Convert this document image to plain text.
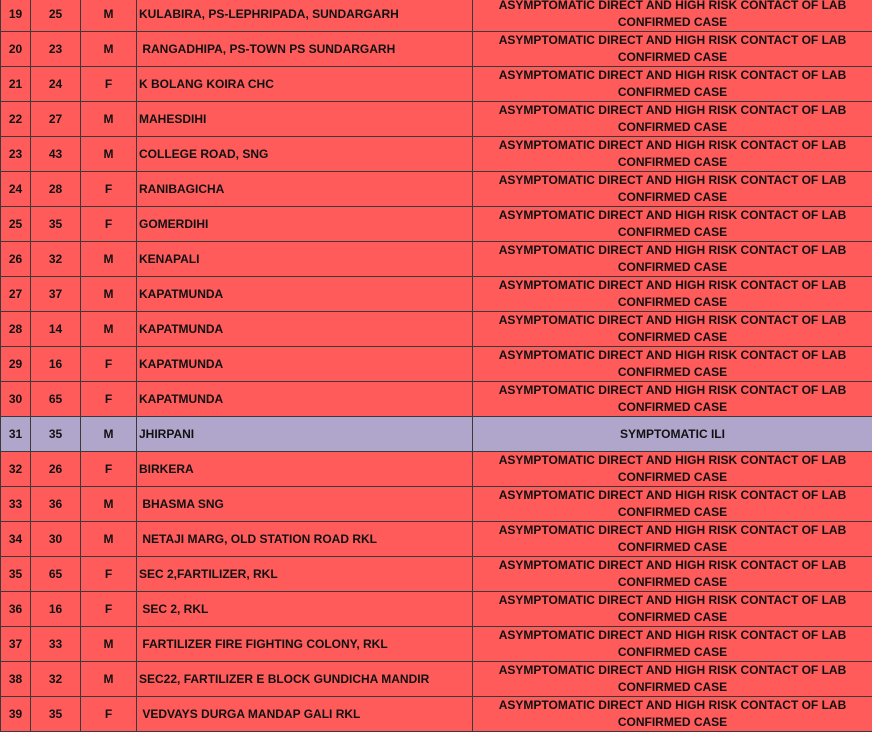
19	25	M	KULABIRA, PS-LEPHRIPADA, SUNDARGARH	ASYMPTOMATIC DIRECT AND HIGH RISK CONTACT OF LAB CONFIRMED CASE
20	23	M	RANGADHIPA, PS-TOWN PS SUNDARGARH	ASYMPTOMATIC DIRECT AND HIGH RISK CONTACT OF LAB CONFIRMED CASE
21	24	F	K BOLANG KOIRA CHC	ASYMPTOMATIC DIRECT AND HIGH RISK CONTACT OF LAB CONFIRMED CASE
22	27	M	MAHESDIHI	ASYMPTOMATIC DIRECT AND HIGH RISK CONTACT OF LAB CONFIRMED CASE
23	43	M	COLLEGE ROAD, SNG	ASYMPTOMATIC DIRECT AND HIGH RISK CONTACT OF LAB CONFIRMED CASE
24	28	F	RANIBAGICHA	ASYMPTOMATIC DIRECT AND HIGH RISK CONTACT OF LAB CONFIRMED CASE
25	35	F	GOMERDIHI	ASYMPTOMATIC DIRECT AND HIGH RISK CONTACT OF LAB CONFIRMED CASE
26	32	M	KENAPALI	ASYMPTOMATIC DIRECT AND HIGH RISK CONTACT OF LAB CONFIRMED CASE
27	37	M	KAPATMUNDA	ASYMPTOMATIC DIRECT AND HIGH RISK CONTACT OF LAB CONFIRMED CASE
28	14	M	KAPATMUNDA	ASYMPTOMATIC DIRECT AND HIGH RISK CONTACT OF LAB CONFIRMED CASE
29	16	F	KAPATMUNDA	ASYMPTOMATIC DIRECT AND HIGH RISK CONTACT OF LAB CONFIRMED CASE
30	65	F	KAPATMUNDA	ASYMPTOMATIC DIRECT AND HIGH RISK CONTACT OF LAB CONFIRMED CASE
31	35	M	JHIRPANI	SYMPTOMATIC ILI
32	26	F	BIRKERA	ASYMPTOMATIC DIRECT AND HIGH RISK CONTACT OF LAB CONFIRMED CASE
33	36	M	BHASMA SNG	ASYMPTOMATIC DIRECT AND HIGH RISK CONTACT OF LAB CONFIRMED CASE
34	30	M	NETAJI MARG, OLD STATION ROAD RKL	ASYMPTOMATIC DIRECT AND HIGH RISK CONTACT OF LAB CONFIRMED CASE
35	65	F	SEC 2,FARTILIZER, RKL	ASYMPTOMATIC DIRECT AND HIGH RISK CONTACT OF LAB CONFIRMED CASE
36	16	F	SEC 2, RKL	ASYMPTOMATIC DIRECT AND HIGH RISK CONTACT OF LAB CONFIRMED CASE
37	33	M	FARTILIZER FIRE FIGHTING COLONY, RKL	ASYMPTOMATIC DIRECT AND HIGH RISK CONTACT OF LAB CONFIRMED CASE
38	32	M	SEC22, FARTILIZER E BLOCK GUNDICHA MANDIR	ASYMPTOMATIC DIRECT AND HIGH RISK CONTACT OF LAB CONFIRMED CASE
39	35	F	VEDVAYS DURGA MANDAP GALI RKL	ASYMPTOMATIC DIRECT AND HIGH RISK CONTACT OF LAB CONFIRMED CASE
